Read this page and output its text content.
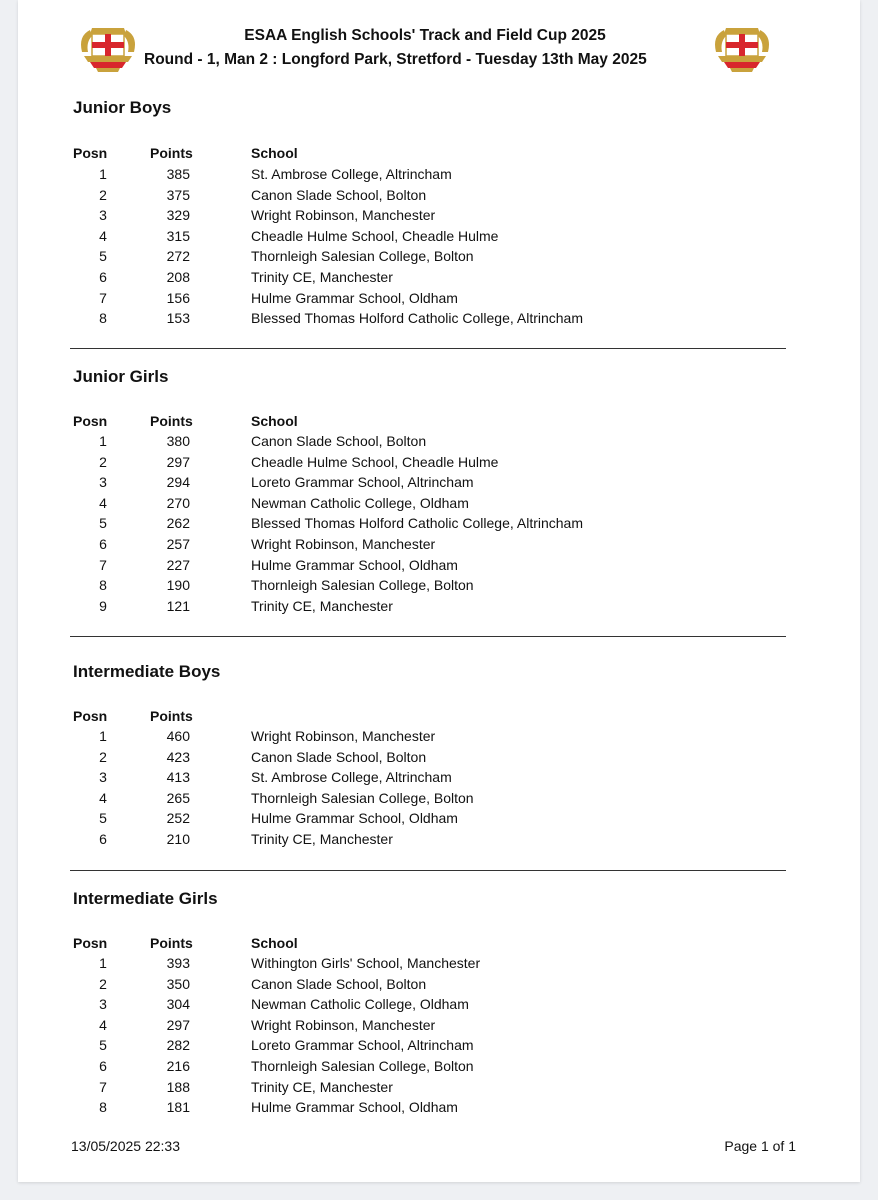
ESAA English Schools' Track and Field Cup 2025
Round - 1, Man 2 : Longford Park, Stretford - Tuesday 13th May 2025
Junior Boys
Posn	Points	School
1	385	St. Ambrose College, Altrincham
2	375	Canon Slade School, Bolton
3	329	Wright Robinson, Manchester
4	315	Cheadle Hulme School, Cheadle Hulme
5	272	Thornleigh Salesian College, Bolton
6	208	Trinity CE, Manchester
7	156	Hulme Grammar School, Oldham
8	153	Blessed Thomas Holford Catholic College, Altrincham
Junior Girls
Posn	Points	School
1	380	Canon Slade School, Bolton
2	297	Cheadle Hulme School, Cheadle Hulme
3	294	Loreto Grammar School, Altrincham
4	270	Newman Catholic College, Oldham
5	262	Blessed Thomas Holford Catholic College, Altrincham
6	257	Wright Robinson, Manchester
7	227	Hulme Grammar School, Oldham
8	190	Thornleigh Salesian College, Bolton
9	121	Trinity CE, Manchester
Intermediate Boys
Posn	Points
1	460	Wright Robinson, Manchester
2	423	Canon Slade School, Bolton
3	413	St. Ambrose College, Altrincham
4	265	Thornleigh Salesian College, Bolton
5	252	Hulme Grammar School, Oldham
6	210	Trinity CE, Manchester
Intermediate Girls
Posn	Points	School
1	393	Withington Girls' School, Manchester
2	350	Canon Slade School, Bolton
3	304	Newman Catholic College, Oldham
4	297	Wright Robinson, Manchester
5	282	Loreto Grammar School, Altrincham
6	216	Thornleigh Salesian College, Bolton
7	188	Trinity CE, Manchester
8	181	Hulme Grammar School, Oldham
13/05/2025 22:33	Page 1 of 1
